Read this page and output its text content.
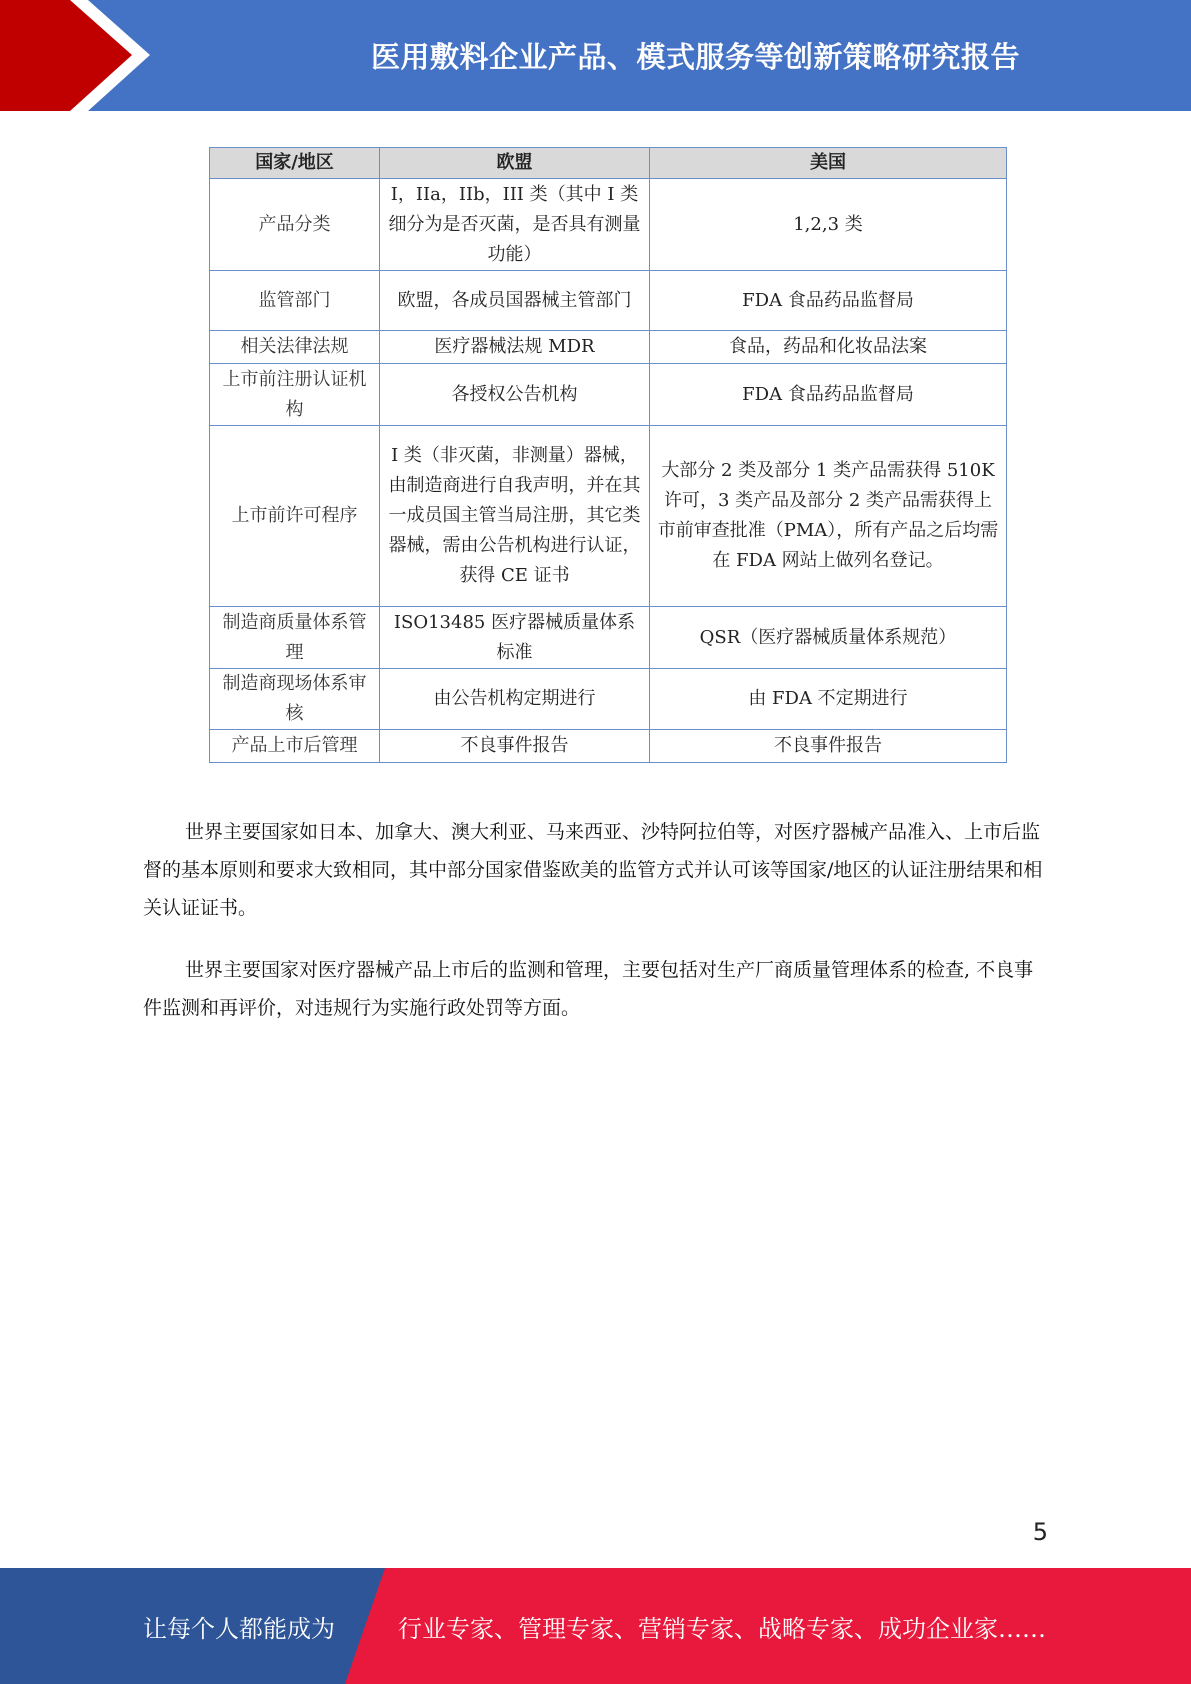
医用敷料企业产品、模式服务等创新策略研究报告
国家/地区	欧盟	美国
产品分类	I，IIa，IIb，III 类（其中 I 类细分为是否灭菌，是否具有测量功能）	1,2,3 类
监管部门	欧盟，各成员国器械主管部门	FDA 食品药品监督局
相关法律法规	医疗器械法规 MDR	食品，药品和化妆品法案
上市前注册认证机构	各授权公告机构	FDA 食品药品监督局
上市前许可程序	I 类（非灭菌，非测量）器械，由制造商进行自我声明，并在其一成员国主管当局注册，其它类器械，需由公告机构进行认证，获得 CE 证书	大部分 2 类及部分 1 类产品需获得 510K 许可，3 类产品及部分 2 类产品需获得上市前审查批准（PMA），所有产品之后均需在 FDA 网站上做列名登记。
制造商质量体系管理	ISO13485 医疗器械质量体系标准	QSR（医疗器械质量体系规范）
制造商现场体系审核	由公告机构定期进行	由 FDA 不定期进行
产品上市后管理	不良事件报告	不良事件报告

世界主要国家如日本、加拿大、澳大利亚、马来西亚、沙特阿拉伯等，对医疗器械产品准入、上市后监督的基本原则和要求大致相同，其中部分国家借鉴欧美的监管方式并认可该等国家/地区的认证注册结果和相关认证证书。

世界主要国家对医疗器械产品上市后的监测和管理，主要包括对生产厂商质量管理体系的检查, 不良事件监测和再评价，对违规行为实施行政处罚等方面。

5
让每个人都能成为	行业专家、管理专家、营销专家、战略专家、成功企业家……
